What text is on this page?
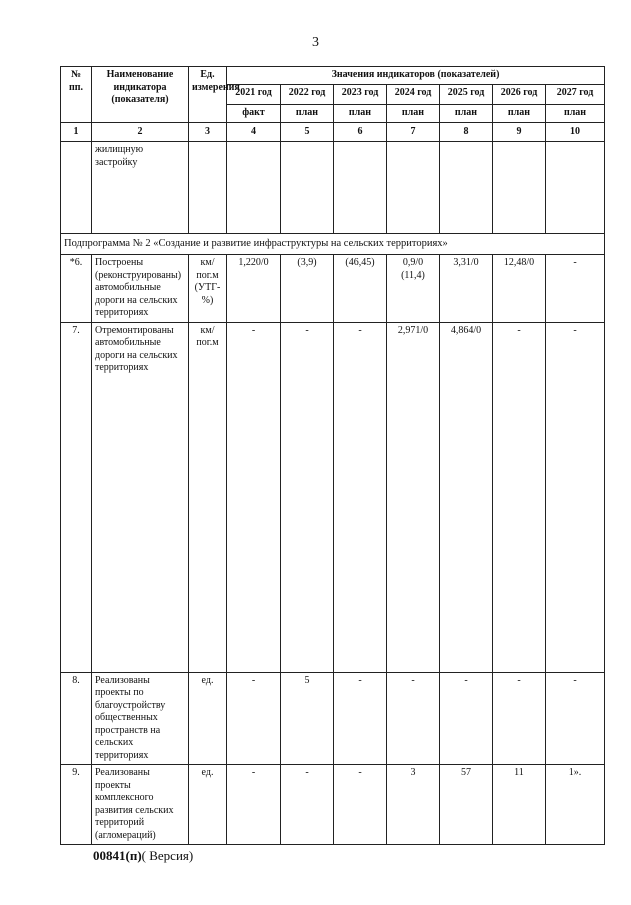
3
№ пп.	Наименование индикатора (показателя)	Ед. измерения	Значения индикаторов (показателей)						
			2021 год	2022 год	2023 год	2024 год	2025 год	2026 год	2027 год
			факт	план	план	план	план	план	план
1	2	3	4	5	6	7	8	9	10
	жилищную застройку								
Подпрограмма № 2 «Создание и развитие инфраструктуры на сельских территориях»									
*6.	Построены (реконструированы) автомобильные дороги на сельских территориях	км/ пог.м (УТГ- %)	1,220/0	(3,9)	(46,45)	0,9/0 (11,4)	3,31/0	12,48/0	-
7.	Отремонтированы автомобильные дороги на сельских территориях	км/ пог.м	-	-	-	2,971/0	4,864/0	-	-
8.	Реализованы проекты по благоустройству общественных пространств на сельских территориях	ед.	-	5	-	-	-	-	-
9.	Реализованы проекты комплексного развития сельских территорий (агломераций)	ед.	-	-	-	3	57	11	1».
00841(п)( Версия)
